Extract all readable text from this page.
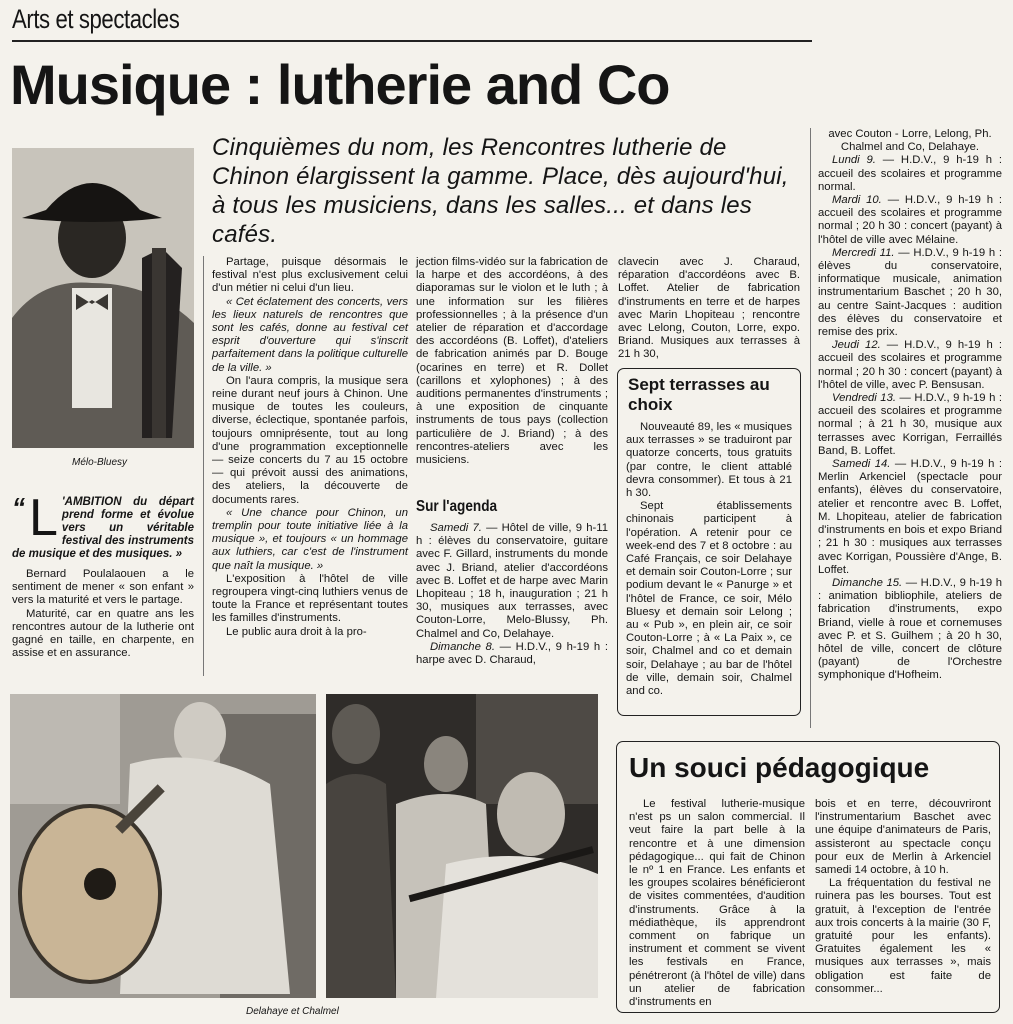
Arts et spectacles
Musique : lutherie and Co
Cinquièmes du nom, les Rencontres lutherie de Chinon élargissent la gamme. Place, dès aujourd'hui, à tous les musiciens, dans les salles... et dans les cafés.
Mélo-Bluesy
“ L 'AMBITION du départ prend forme et évolue vers un véritable festival des instruments de musique et des musiques. »

Bernard Poulalaouen a le sentiment de mener « son enfant » vers la maturité et vers le partage.

Maturité, car en quatre ans les rencontres autour de la lutherie ont gagné en taille, en charpente, en assise et en assurance.

Partage, puisque désormais le festival n'est plus exclusivement celui d'un métier ni celui d'un lieu.

« Cet éclatement des concerts, vers les lieux naturels de rencontres que sont les cafés, donne au festival cet esprit d'ouverture qui s'inscrit parfaitement dans la politique culturelle de la ville. »

On l'aura compris, la musique sera reine durant neuf jours à Chinon. Une musique de toutes les couleurs, diverse, éclectique, spontanée parfois, toujours omniprésente, tout au long d'une programmation exceptionnelle — seize concerts du 7 au 15 octobre — qui prévoit aussi des animations, des ateliers, la découverte de documents rares.

« Une chance pour Chinon, un tremplin pour toute initiative liée à la musique », et toujours « un hommage aux luthiers, car c'est de l'instrument que naît la musique. »

L'exposition à l'hôtel de ville regroupera vingt-cinq luthiers venus de toute la France et représentant toutes les familles d'instruments.

Le public aura droit à la pro-

jection films-vidéo sur la fabrication de la harpe et des accordéons, à des diaporamas sur le violon et le luth ; à une information sur les filières professionnelles ; à la présence d'un atelier de réparation et d'accordage des accordéons (B. Loffet), d'ateliers de fabrication animés par D. Bouge (ocarines en terre) et R. Dollet (carillons et xylophones) ; à des auditions permanentes d'instruments ; à une exposition de cinquante instruments de tous pays (collection particulière de J. Briand) ; à des rencontres-ateliers avec les musiciens.

Sur l'agenda

Samedi 7. — Hôtel de ville, 9 h-11 h : élèves du conservatoire, guitare avec F. Gillard, instruments du monde avec J. Briand, atelier d'accordéons avec B. Loffet et de harpe avec Marin Lhopiteau ; 18 h, inauguration ; 21 h 30, musiques aux terrasses, avec Couton-Lorre, Melo-Blussy, Ph. Chalmel and Co, Delahaye.

Dimanche 8. — H.D.V., 9 h-19 h : harpe avec D. Charaud,

clavecin avec J. Charaud, réparation d'accordéons avec B. Loffet. Atelier de fabrication d'instruments en terre et de harpes avec Marin Lhopiteau ; rencontre avec Lelong, Couton, Lorre, expo. Briand. Musiques aux terrasses à 21 h 30,

Sept terrasses au choix

Nouveauté 89, les « musiques aux terrasses » se traduiront par quatorze concerts, tous gratuits (par contre, le client attablé devra consommer). Et tous à 21 h 30.

Sept établissements chinonais participent à l'opération. A retenir pour ce week-end des 7 et 8 octobre : au Café Français, ce soir Delahaye et demain soir Couton-Lorre ; sur podium devant le « Panurge » et l'hôtel de France, ce soir, Mélo Bluesy et demain soir Lelong ; au « Pub », en plein air, ce soir Couton-Lorre ; à « La Paix », ce soir, Chalmel and co et demain soir, Delahaye ; au bar de l'hôtel de ville, demain soir, Chalmel and co.

avec Couton - Lorre, Lelong, Ph. Chalmel and Co, Delahaye.

Lundi 9. — H.D.V., 9 h-19 h : accueil des scolaires et programme normal.

Mardi 10. — H.D.V., 9 h-19 h : accueil des scolaires et programme normal ; 20 h 30 : concert (payant) à l'hôtel de ville avec Mélaine.

Mercredi 11. — H.D.V., 9 h-19 h : élèves du conservatoire, informatique musicale, animation instrumentarium Baschet ; 20 h 30, au centre Saint-Jacques : audition des élèves du conservatoire et remise des prix.

Jeudi 12. — H.D.V., 9 h-19 h : accueil des scolaires et programme normal ; 20 h 30 : concert (payant) à l'hôtel de ville, avec P. Bensusan.

Vendredi 13. — H.D.V., 9 h-19 h : accueil des scolaires et programme normal ; à 21 h 30, musique aux terrasses avec Korrigan, Ferraillés Band, B. Loffet.

Samedi 14. — H.D.V., 9 h-19 h : Merlin Arkenciel (spectacle pour enfants), élèves du conservatoire, atelier et rencontre avec B. Loffet, M. Lhopiteau, atelier de fabrication d'instruments en bois et expo Briand ; 21 h 30 : musiques aux terrasses avec Korrigan, Poussière d'Ange, B. Loffet.

Dimanche 15. — H.D.V., 9 h-19 h : animation bibliophile, ateliers de fabrication d'instruments, expo Briand, vielle à roue et cornemuses avec P. et S. Guilhem ; à 20 h 30, hôtel de ville, concert de clôture (payant) de l'Orchestre symphonique d'Hofheim.

Delahaye et Chalmel
Un souci pédagogique

Le festival lutherie-musique n'est ps un salon commercial. Il veut faire la part belle à la rencontre et à une dimension pédagogique... qui fait de Chinon le nº 1 en France. Les enfants et les groupes scolaires bénéficieront de visites commentées, d'audition d'instruments. Grâce à la médiathèque, ils apprendront comment on fabrique un instrument et comment se vivent les festivals en France, pénétreront (à l'hôtel de ville) dans un atelier de fabrication d'instruments en

bois et en terre, découvriront l'instrumentarium Baschet avec une équipe d'animateurs de Paris, assisteront au spectacle conçu pour eux de Merlin à Arkenciel samedi 14 octobre, à 10 h.

La fréquentation du festival ne ruinera pas les bourses. Tout est gratuit, à l'exception de l'entrée aux trois concerts à la mairie (30 F, gratuité pour les enfants). Gratuites également les « musiques aux terrasses », mais obligation est faite de consommer...
